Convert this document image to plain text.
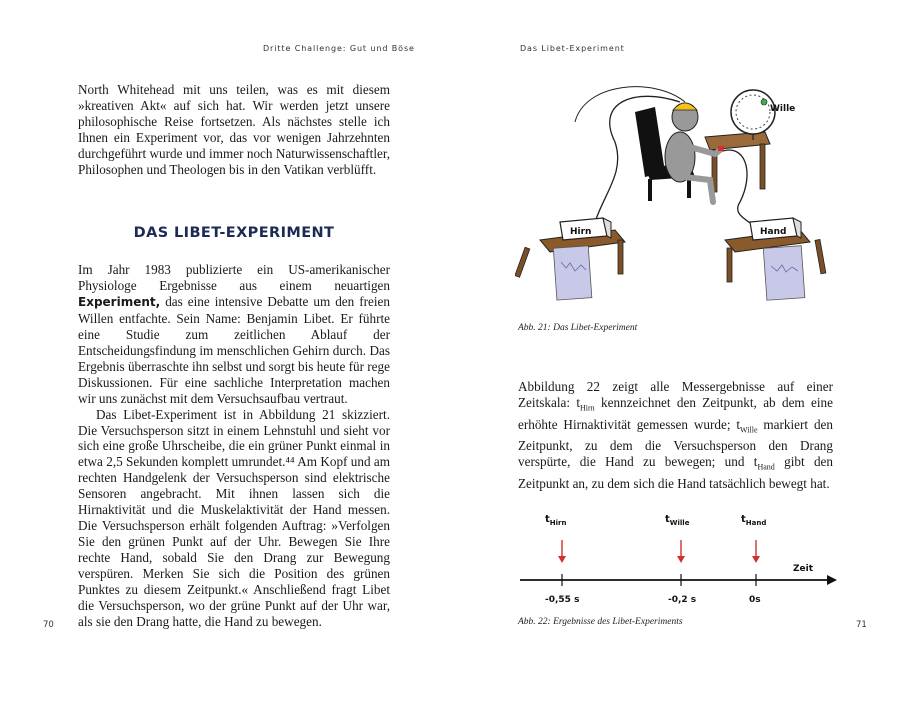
Dritte Challenge: Gut und Böse

North Whitehead mit uns teilen, was es mit diesem »kreativen Akt« auf sich hat. Wir werden jetzt unsere philosophische Reise fortsetzen. Als nächstes stelle ich Ihnen ein Experiment vor, das vor wenigen Jahrzehnten durchgeführt wurde und immer noch Naturwissenschaftler, Philosophen und Theologen bis in den Vatikan verblüfft.

DAS LIBET-EXPERIMENT

Im Jahr 1983 publizierte ein US-amerikanischer Physiologe Ergebnisse aus einem neuartigen Experiment, das eine intensive Debatte um den freien Willen entfachte. Sein Name: Benjamin Libet. Er führte eine Studie zum zeitlichen Ablauf der Entscheidungsfindung im menschlichen Gehirn durch. Das Ergebnis überraschte ihn selbst und sorgt bis heute für rege Diskussionen. Für eine sachliche Interpretation machen wir uns zunächst mit dem Versuchsaufbau vertraut.

Das Libet-Experiment ist in Abbildung 21 skizziert. Die Versuchsperson sitzt in einem Lehnstuhl und sieht vor sich eine große Uhrscheibe, die ein grüner Punkt einmal in etwa 2,5 Sekunden komplett umrundet.⁴⁴ Am Kopf und am rechten Handgelenk der Versuchsperson sind elektrische Sensoren angebracht. Mit ihnen lassen sich die Hirnaktivität und die Muskelaktivität der Hand messen. Die Versuchsperson erhält folgenden Auftrag: »Verfolgen Sie den grünen Punkt auf der Uhr. Bewegen Sie Ihre rechte Hand, sobald Sie den Drang zur Bewegung verspüren. Merken Sie sich die Position des grünen Punktes zu diesem Zeitpunkt.« Anschließend fragt Libet die Versuchsperson, wo der grüne Punkt auf der Uhr war, als sie den Drang hatte, die Hand zu bewegen.

70
Das Libet-Experiment
Wille
Hirn	Hand
Abb. 21: Das Libet-Experiment

Abbildung 22 zeigt alle Messergebnisse auf einer Zeitskala: $t_{Hirn}$ kennzeichnet den Zeitpunkt, ab dem eine erhöhte Hirnaktivität gemessen wurde; $t_{Wille}$ markiert den Zeitpunkt, zu dem die Versuchsperson den Drang verspürte, die Hand zu bewegen; und $t_{Hand}$ gibt den Zeitpunkt an, zu dem sich die Hand tatsächlich bewegt hat.

$t_{Hirn}$	$t_{Wille}$	$t_{Hand}$
Zeit
-0,55 s	-0,2 s	0s
Abb. 22: Ergebnisse des Libet-Experiments	71
